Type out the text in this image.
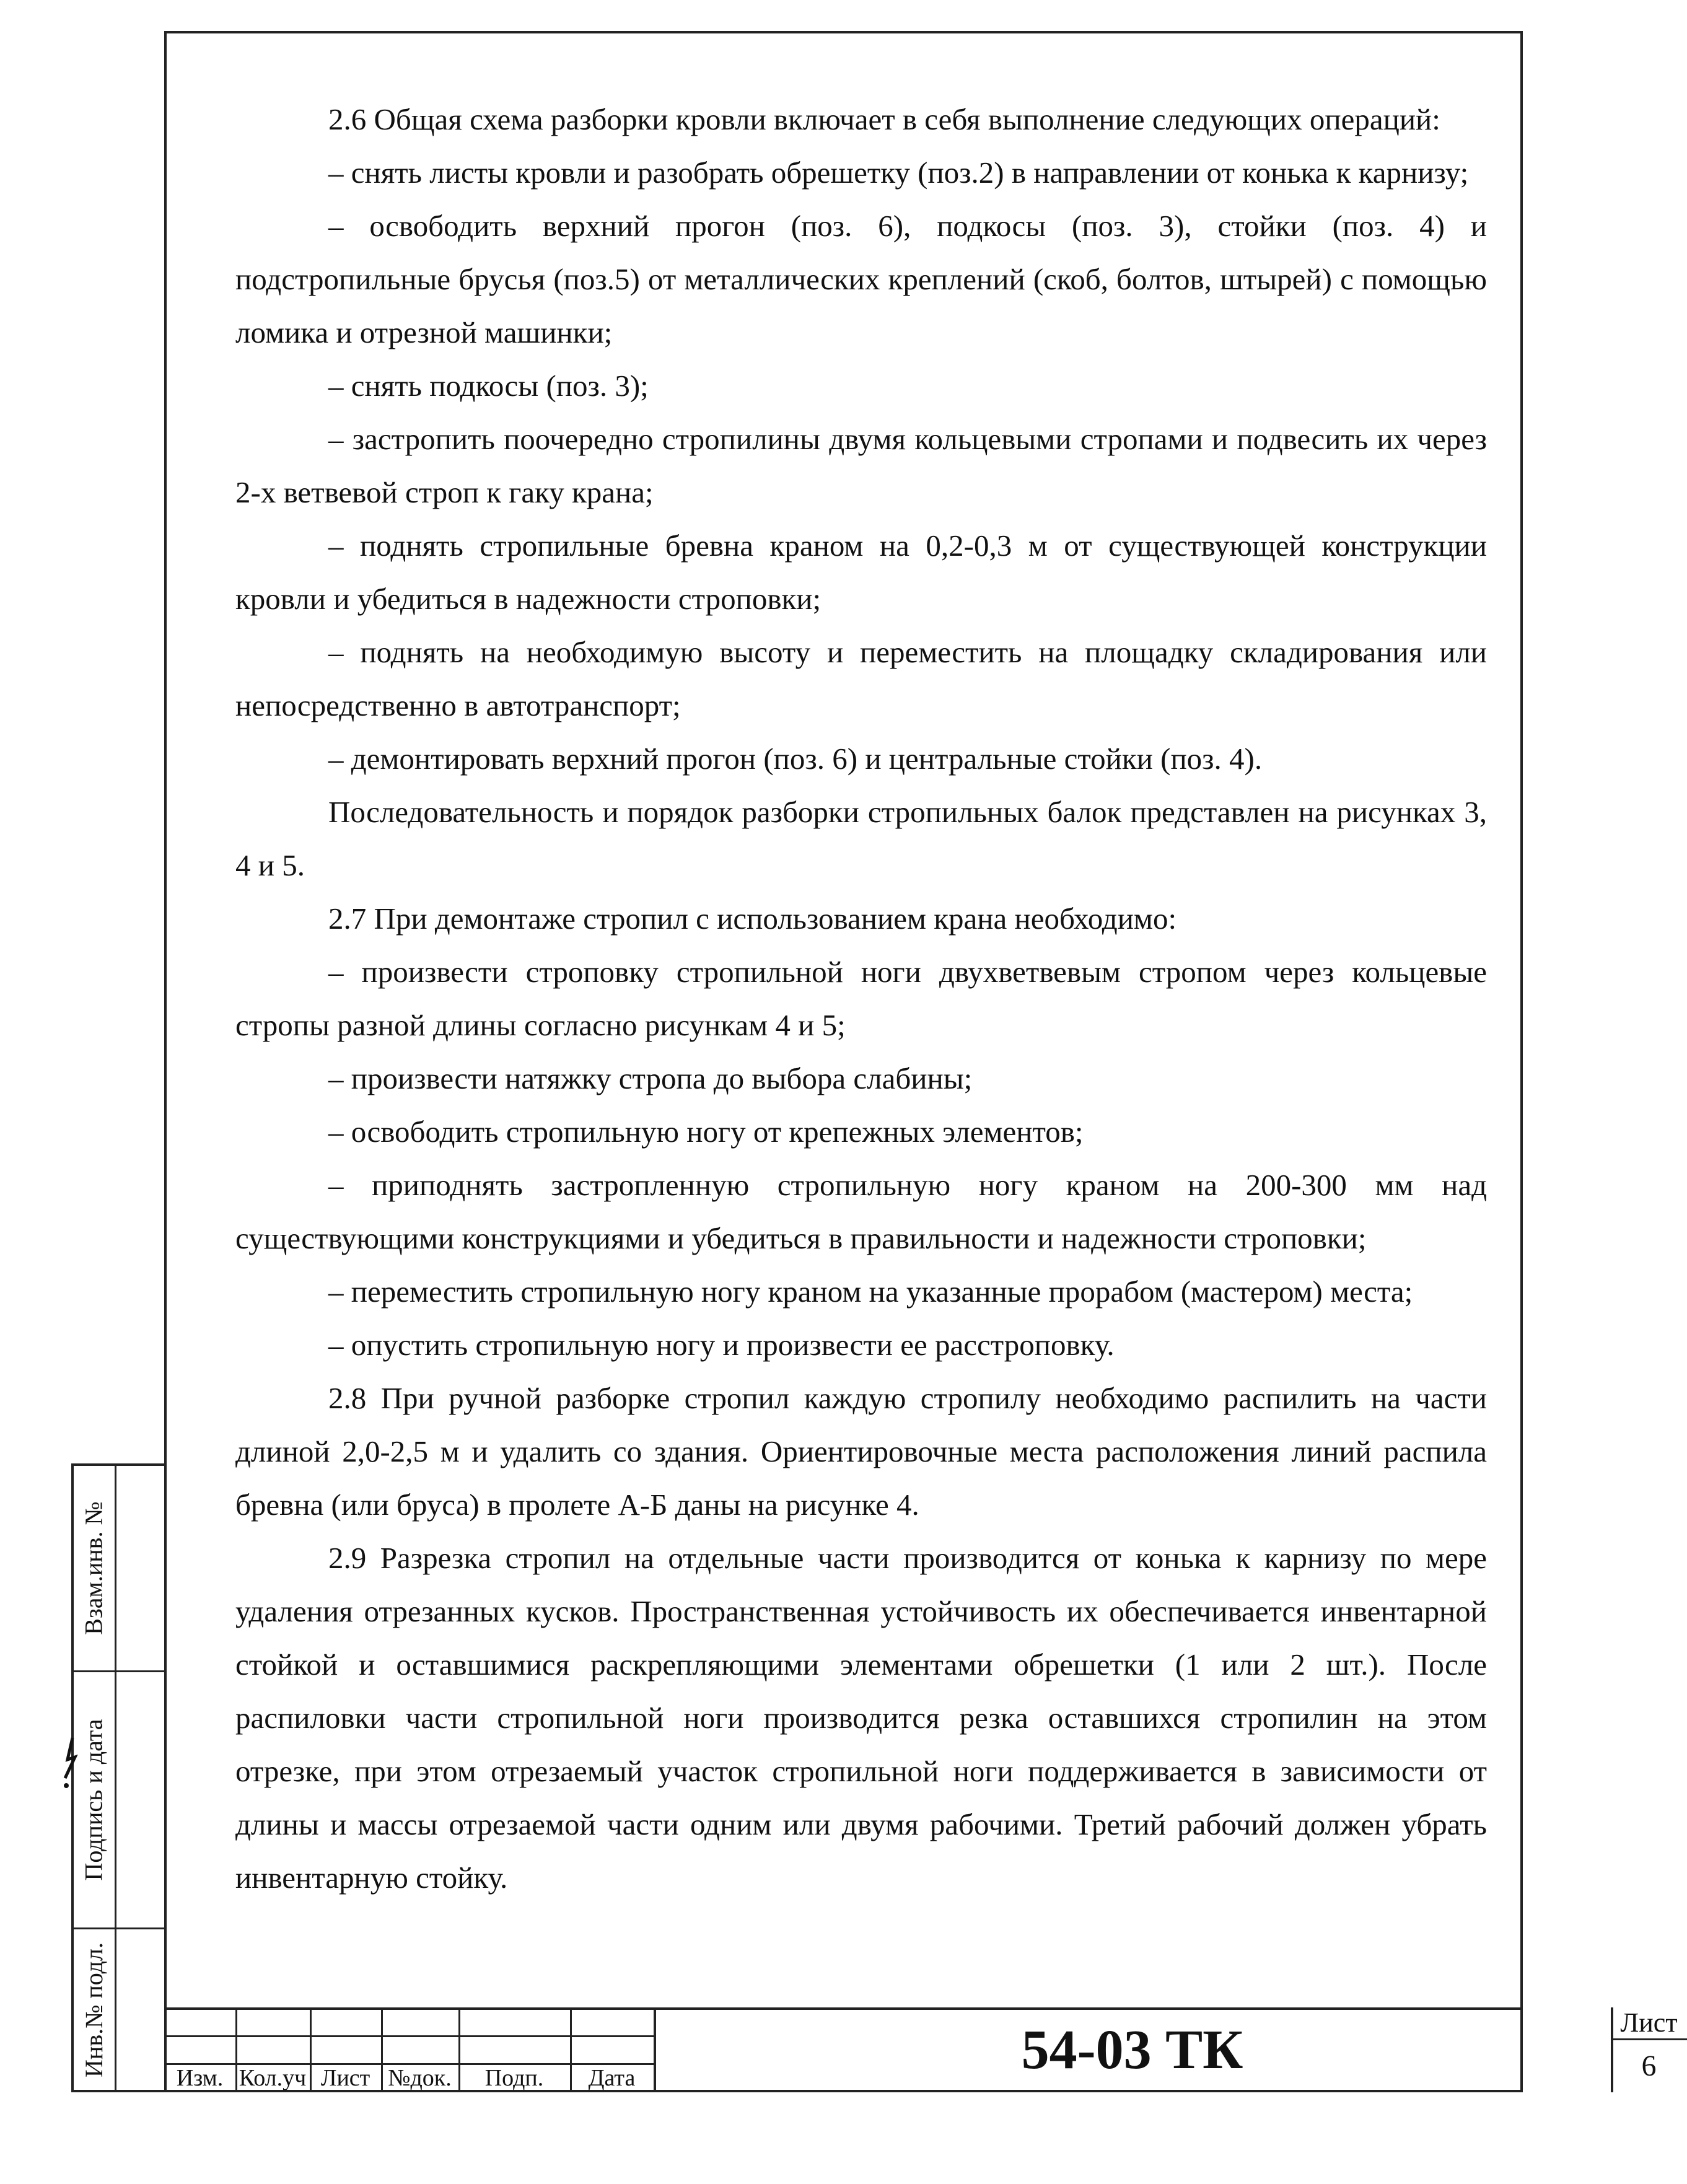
2.6 Общая схема разборки кровли включает в себя выполнение следующих операций:

– снять листы кровли и разобрать обрешетку (поз.2) в направлении от конька к карнизу;

– освободить верхний прогон (поз. 6), подкосы (поз. 3), стойки (поз. 4) и подстропильные брусья (поз.5) от металлических креплений (скоб, болтов, штырей) с помощью ломика и отрезной машинки;

– снять подкосы (поз. 3);

– застропить поочередно стропилины двумя кольцевыми стропами и подвесить их через 2-х ветвевой строп к гаку крана;

– поднять стропильные бревна краном на 0,2-0,3 м от существующей конструкции кровли и убедиться в надежности строповки;

– поднять на необходимую высоту и переместить на площадку складирования или непосредственно в автотранспорт;

– демонтировать верхний прогон (поз. 6) и центральные стойки (поз. 4).

Последовательность и порядок разборки стропильных балок представлен на рисунках 3, 4 и 5.

2.7 При демонтаже стропил с использованием крана необходимо:

– произвести строповку стропильной ноги двухветвевым стропом через кольцевые стропы разной длины согласно рисункам 4 и 5;

– произвести натяжку стропа до выбора слабины;

– освободить стропильную ногу от крепежных элементов;

– приподнять застропленную стропильную ногу краном на 200-300 мм над существующими конструкциями и убедиться в правильности и надежности строповки;

– переместить стропильную ногу краном на указанные прорабом (мастером) места;

– опустить стропильную ногу и произвести ее расстроповку.

2.8 При ручной разборке стропил каждую стропилу необходимо распилить на части длиной 2,0-2,5 м и удалить со здания. Ориентировочные места расположения линий распила бревна (или бруса) в пролете А-Б даны на рисунке 4.

2.9 Разрезка стропил на отдельные части производится от конька к карнизу по мере удаления отрезанных кусков. Пространственная устойчивость их обеспечивается инвентарной стойкой и оставшимися раскрепляющими элементами обрешетки (1 или 2 шт.). После распиловки части стропильной ноги производится резка оставшихся стропилин на этом отрезке, при этом отрезаемый участок стропильной ноги поддерживается в зависимости от длины и массы отрезаемой части одним или двумя рабочими. Третий рабочий должен убрать инвентарную стойку.

Взам.инв. №
Подпись и дата
Инв.№ подл.
Изм. Кол.уч Лист №док.	Подп.	Дата	54-03 ТК	Лист
6
